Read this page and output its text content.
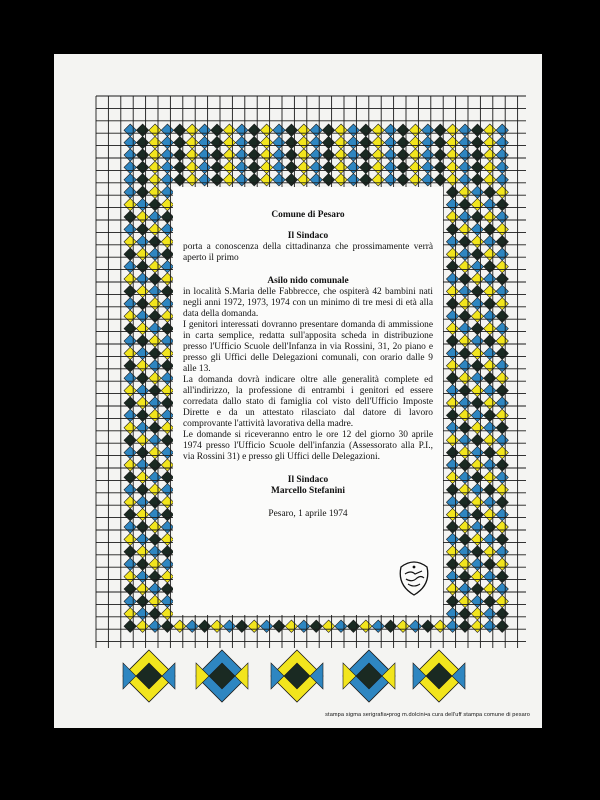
Comune di Pesaro

Il Sindaco

porta a conoscenza della cittadinanza che prossimamente verrà aperto il primo

Asilo nido comunale

in località S.Maria delle Fabbrecce, che ospiterà 42 bambini nati negli anni 1972, 1973, 1974 con un minimo di tre mesi di età alla data della domanda.

I genitori interessati dovranno presentare domanda di ammissione in carta semplice, redatta sull'apposita scheda in distribuzione presso l'Ufficio Scuole dell'Infanza in via Rossini, 31, 2o piano e presso gli Uffici delle Delegazioni comunali, con orario dalle 9 alle 13.

La domanda dovrà indicare oltre alle generalità complete ed all'indirizzo, la professione di entrambi i genitori ed essere corredata dallo stato di famiglia col visto dell'Ufficio Imposte Dirette e da un attestato rilasciato dal datore di lavoro comprovante l'attività lavorativa della madre.

Le domande si riceveranno entro le ore 12 del giorno 30 aprile 1974 presso l'Ufficio Scuole dell'infanzia (Assessorato alla P.I., via Rossini 31) e presso gli Uffici delle Delegazioni.

Il Sindaco

Marcello Stefanini

Pesaro, 1 aprile 1974

stampa sigma serigrafia•prog m.dolcini•a cura dell'uff stampa comune di pesaro
